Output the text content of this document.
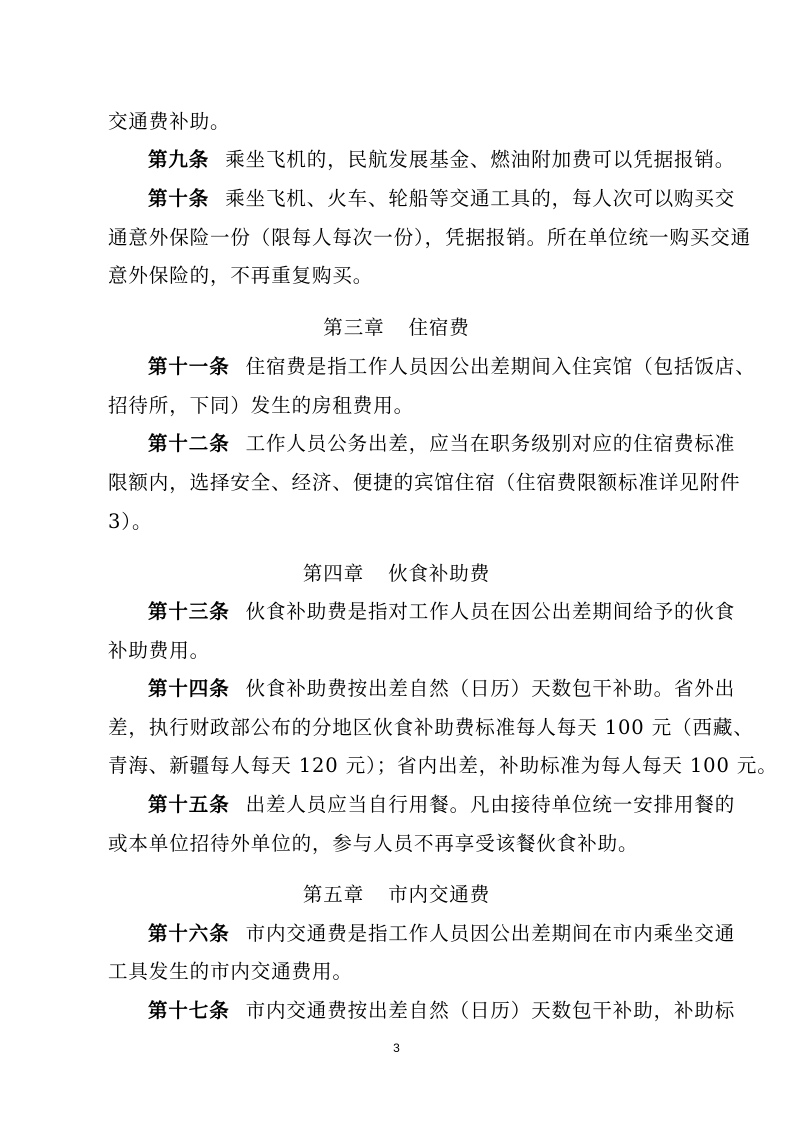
交通费补助。

第九条 乘坐飞机的，民航发展基金、燃油附加费可以凭据报销。

第十条 乘坐飞机、火车、轮船等交通工具的，每人次可以购买交

通意外保险一份（限每人每次一份），凭据报销。所在单位统一购买交通

意外保险的，不再重复购买。

第三章 住宿费

第十一条 住宿费是指工作人员因公出差期间入住宾馆（包括饭店、

招待所，下同）发生的房租费用。

第十二条 工作人员公务出差，应当在职务级别对应的住宿费标准

限额内，选择安全、经济、便捷的宾馆住宿（住宿费限额标准详见附件

3）。

第四章 伙食补助费

第十三条 伙食补助费是指对工作人员在因公出差期间给予的伙食

补助费用。

第十四条 伙食补助费按出差自然（日历）天数包干补助。省外出

差，执行财政部公布的分地区伙食补助费标准每人每天 100 元（西藏、

青海、新疆每人每天 120 元）；省内出差，补助标准为每人每天 100 元。

第十五条 出差人员应当自行用餐。凡由接待单位统一安排用餐的

或本单位招待外单位的，参与人员不再享受该餐伙食补助。

第五章 市内交通费

第十六条 市内交通费是指工作人员因公出差期间在市内乘坐交通

工具发生的市内交通费用。

第十七条 市内交通费按出差自然（日历）天数包干补助，补助标

3
